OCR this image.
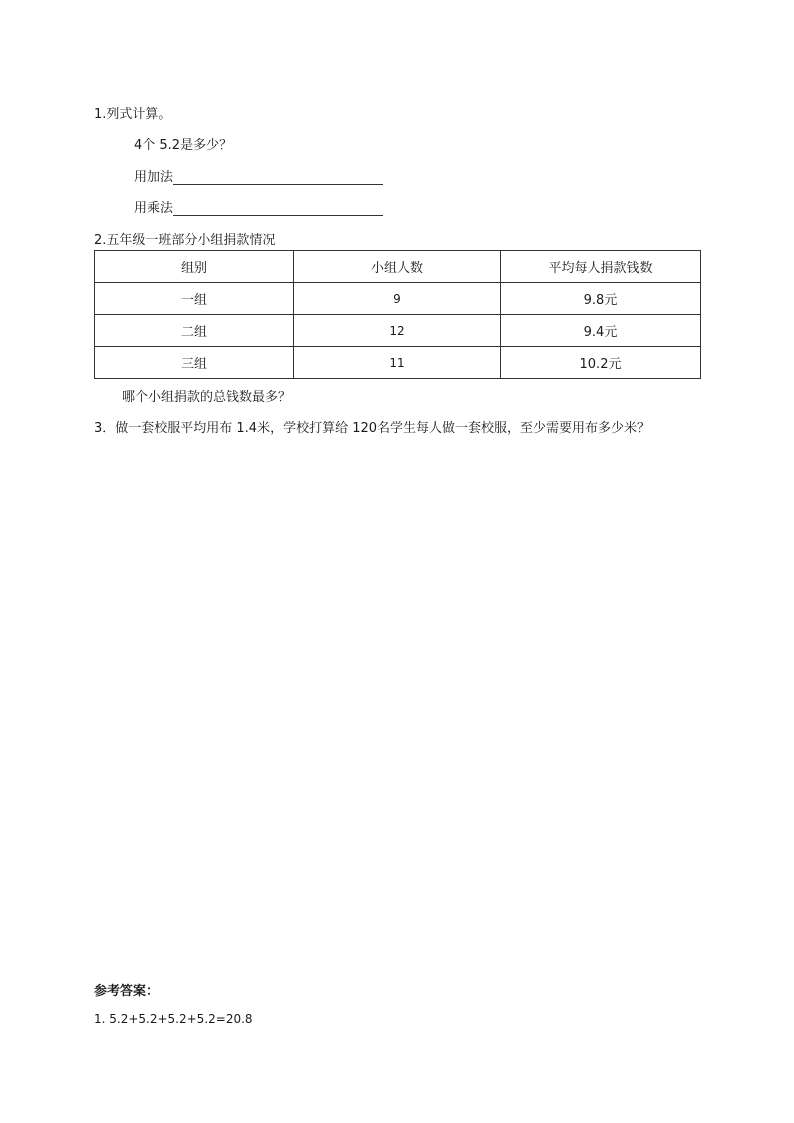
1.列式计算。
4个 5.2是多少？
用加法
用乘法
2.五年级一班部分小组捐款情况
组别	小组人数	平均每人捐款钱数
一组	9	9.8元
二组	12	9.4元
三组	11	10.2元
哪个小组捐款的总钱数最多？
3．做一套校服平均用布 1.4米，学校打算给 120名学生每人做一套校服，至少需要用布多少米？
参考答案：
1. 5.2+5.2+5.2+5.2=20.8
